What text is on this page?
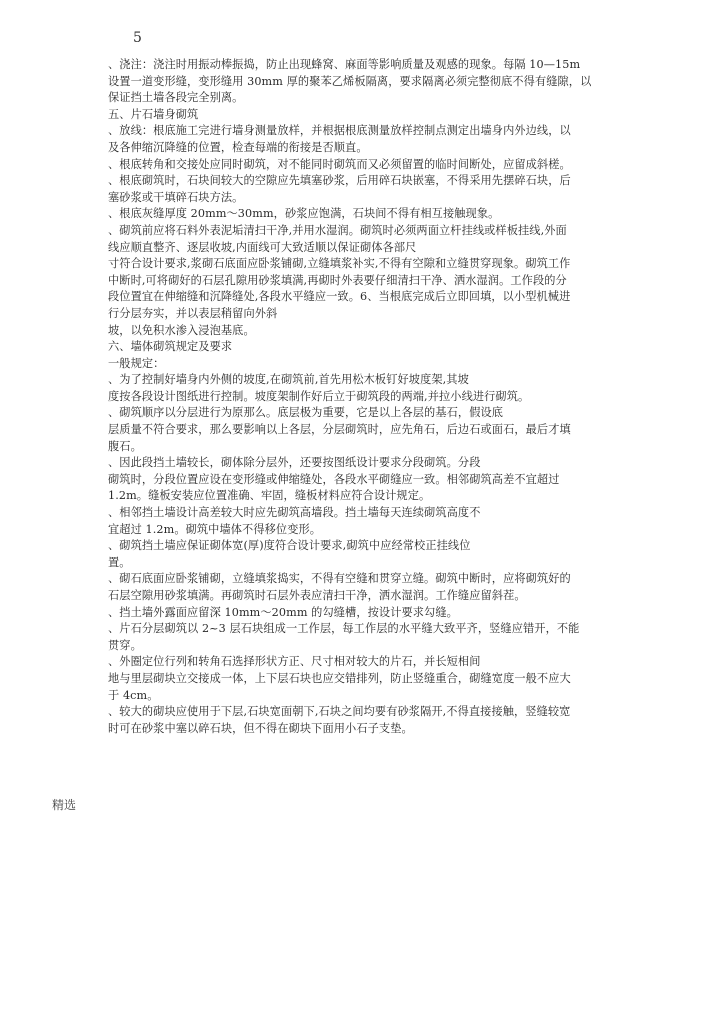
5

、浇注：浇注时用振动棒振捣，防止出现蜂窝、麻面等影响质量及观感的现象。每隔 10—15m

设置一道变形缝，变形缝用 30mm 厚的聚苯乙烯板隔离，要求隔离必须完整彻底不得有缝隙，以

保证挡土墙各段完全别离。

五、片石墙身砌筑

、放线：根底施工完进行墙身测量放样，并根据根底测量放样控制点测定出墙身内外边线，以

及各伸缩沉降缝的位置，检查每端的衔接是否顺直。

、根底转角和交接处应同时砌筑，对不能同时砌筑而又必须留置的临时间断处，应留成斜槎。

、根底砌筑时，石块间较大的空隙应先填塞砂浆，后用碎石块嵌塞，不得采用先摆碎石块，后

塞砂浆或干填碎石块方法。

、根底灰缝厚度 20mm～30mm，砂浆应饱满，石块间不得有相互接触现象。

、砌筑前应将石料外表泥垢清扫干净,并用水湿润。砌筑时必须两面立杆挂线或样板挂线,外面

线应顺直整齐、逐层收坡,内面线可大致适顺以保证砌体各部尺

寸符合设计要求,浆砌石底面应卧浆铺砌,立缝填浆补实,不得有空隙和立缝贯穿现象。砌筑工作

中断时,可将砌好的石层孔隙用砂浆填满,再砌时外表要仔细清扫干净、洒水湿润。工作段的分

段位置宜在伸缩缝和沉降缝处,各段水平缝应一致。6、当根底完成后立即回填，以小型机械进

行分层夯实，并以表层稍留向外斜

坡，以免积水渗入浸泡基底。

六、墙体砌筑规定及要求

一般规定：

、为了控制好墙身内外侧的坡度,在砌筑前,首先用松木板钉好坡度架,其坡

度按各段设计图纸进行控制。坡度架制作好后立于砌筑段的两端,并拉小线进行砌筑。

、砌筑顺序以分层进行为原那么。底层极为重要，它是以上各层的基石，假设底

层质量不符合要求，那么要影响以上各层，分层砌筑时，应先角石，后边石或面石，最后才填

腹石。

、因此段挡土墙较长，砌体除分层外，还要按图纸设计要求分段砌筑。分段

砌筑时，分段位置应设在变形缝或伸缩缝处，各段水平砌缝应一致。相邻砌筑高差不宜超过

1.2m。缝板安装应位置准确、牢固，缝板材料应符合设计规定。

、相邻挡土墙设计高差较大时应先砌筑高墙段。挡土墙每天连续砌筑高度不

宜超过 1.2m。砌筑中墙体不得移位变形。

、砌筑挡土墙应保证砌体宽(厚)度符合设计要求,砌筑中应经常校正挂线位

置。

、砌石底面应卧浆铺砌，立缝填浆捣实，不得有空缝和贯穿立缝。砌筑中断时，应将砌筑好的

石层空隙用砂浆填满。再砌筑时石层外表应清扫干净，洒水湿润。工作缝应留斜茬。

、挡土墙外露面应留深 10mm～20mm 的勾缝槽，按设计要求勾缝。

、片石分层砌筑以 2~3 层石块组成一工作层，每工作层的水平缝大致平齐，竖缝应错开，不能

贯穿。

、外圈定位行列和转角石选择形状方正、尺寸相对较大的片石，并长短相间

地与里层砌块立交接成一体，上下层石块也应交错排列，防止竖缝重合，砌缝宽度一般不应大

于 4cm。

、较大的砌块应使用于下层,石块宽面朝下,石块之间均要有砂浆隔开,不得直接接触，竖缝较宽

时可在砂浆中塞以碎石块，但不得在砌块下面用小石子支垫。

精选
